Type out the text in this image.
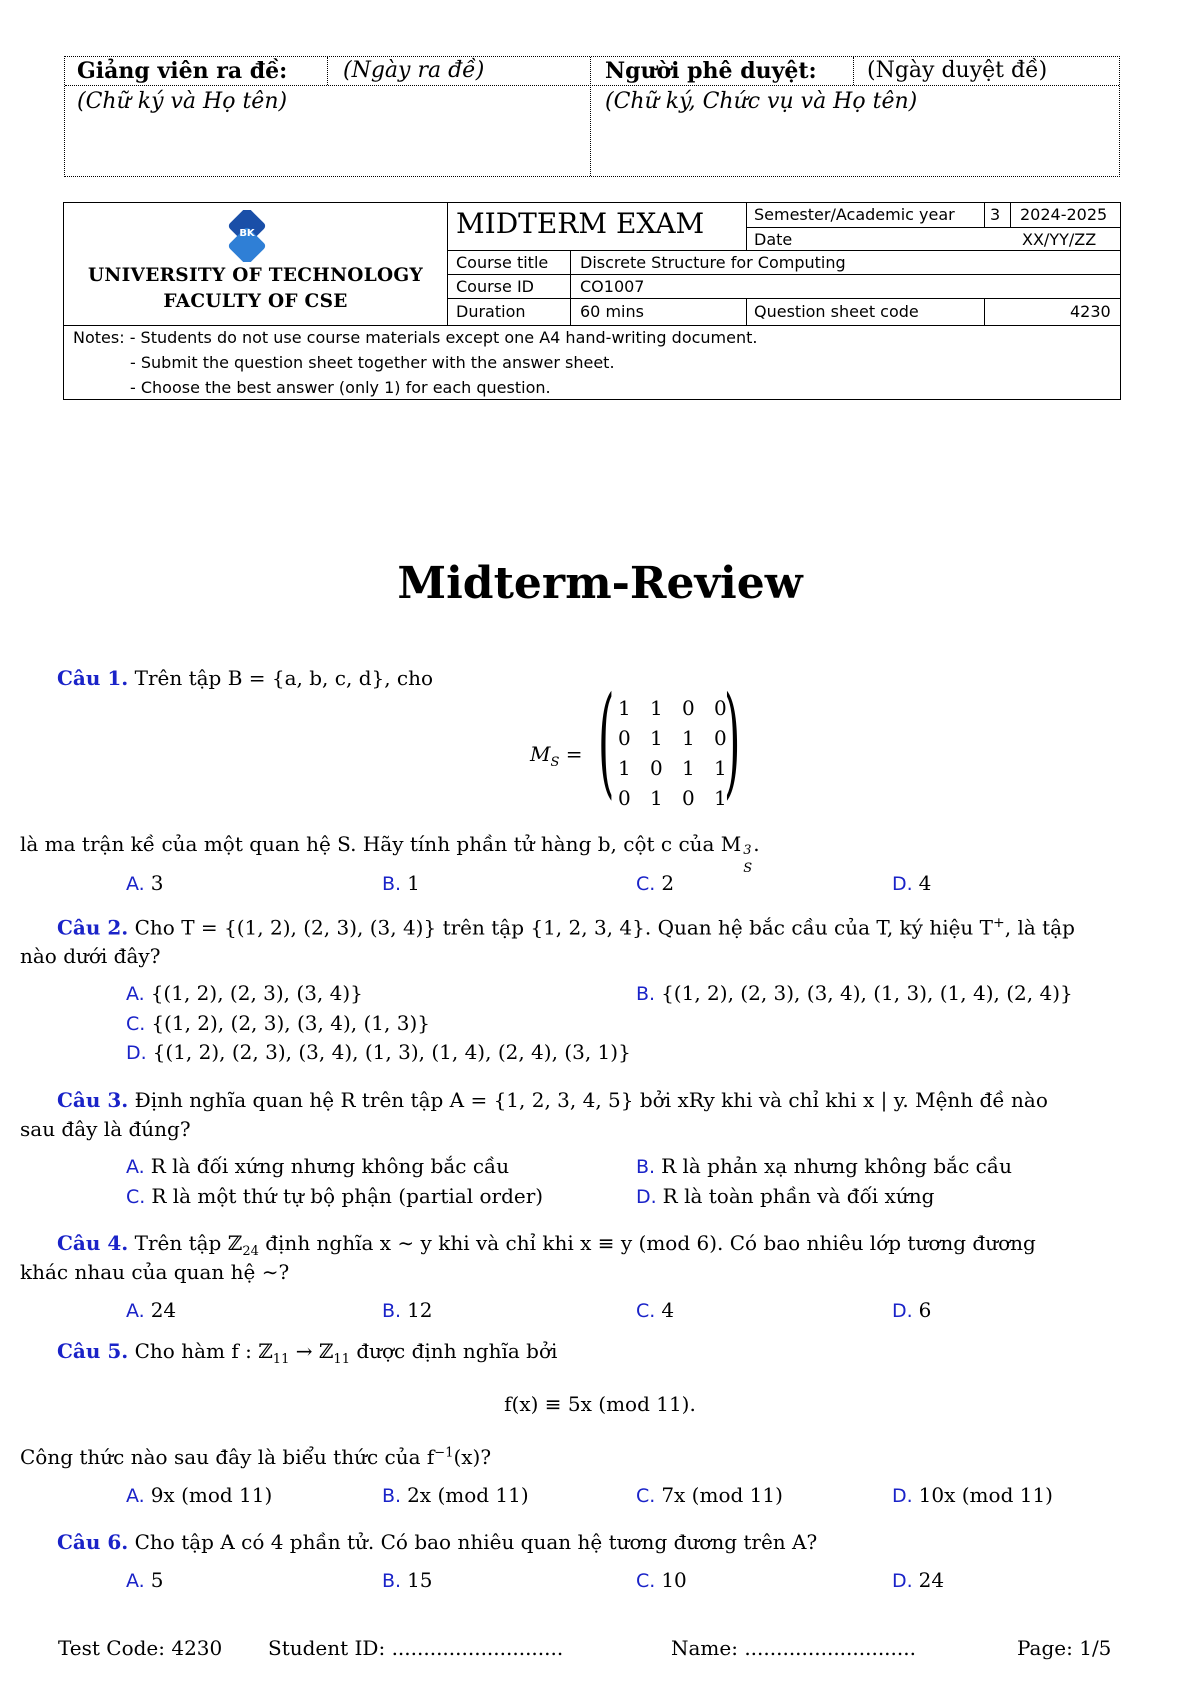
Giảng viên ra đề:	(Ngày ra đề)
(Chữ ký và Họ tên)
Người phê duyệt: (Ngày duyệt đề)
(Chữ ký, Chức vụ và Họ tên)
UNIVERSITY OF TECHNOLOGY
FACULTY OF CSE
MIDTERM EXAM	Semester/Academic year 3 2024-2025
Date	XX/YY/ZZ
Course title Discrete Structure for Computing
Course ID	CO1007
Duration	60 mins	Question sheet code	4230
Notes: - Students do not use course materials except one A4 hand-writing document.
- Submit the question sheet together with the answer sheet.
- Choose the best answer (only 1) for each question.
BK
Midterm-Review
Câu 1. Trên tập B = {a, b, c, d}, cho
$M_S$ = ( )
1 1 0 0
0 1 1 0
1 0 1 1
0 1 0 1
là ma trận kề của một quan hệ S. Hãy tính phần tử hàng b, cột c của M 3
S
.
A. 3	B. 1	C. 2	D. 4
Câu 2. Cho T = {(1, 2), (2, 3), (3, 4)} trên tập {1, 2, 3, 4}. Quan hệ bắc cầu của T, ký hiệu T+, là tập
nào dưới đây?
A. {(1, 2), (2, 3), (3, 4)}	B. {(1, 2), (2, 3), (3, 4), (1, 3), (1, 4), (2, 4)}
C. {(1, 2), (2, 3), (3, 4), (1, 3)}
D. {(1, 2), (2, 3), (3, 4), (1, 3), (1, 4), (2, 4), (3, 1)}
Câu 3. Định nghĩa quan hệ R trên tập A = {1, 2, 3, 4, 5} bởi xRy khi và chỉ khi x | y. Mệnh đề nào
sau đây là đúng?
A. R là đối xứng nhưng không bắc cầu	B. R là phản xạ nhưng không bắc cầu
C. R là một thứ tự bộ phận (partial order)	D. R là toàn phần và đối xứng
Câu 4. Trên tập ℤ$_{24}$ định nghĩa x ∼ y khi và chỉ khi x ≡ y (mod 6). Có bao nhiêu lớp tương đương
khác nhau của quan hệ ∼?
A. 24	B. 12	C. 4	D. 6
Câu 5. Cho hàm f : ℤ$_{11}$ → ℤ$_{11}$ được định nghĩa bởi
f(x) ≡ 5x (mod 11).
Công thức nào sau đây là biểu thức của $f^{-1}(x)$?
A. 9x (mod 11)	B. 2x (mod 11)	C. 7x (mod 11)	D. 10x (mod 11)
Câu 6. Cho tập A có 4 phần tử. Có bao nhiêu quan hệ tương đương trên A?
A. 5	B. 15	C. 10	D. 24
Test Code: 4230 Student ID: ...........................	Name: ...........................	Page: 1/5
